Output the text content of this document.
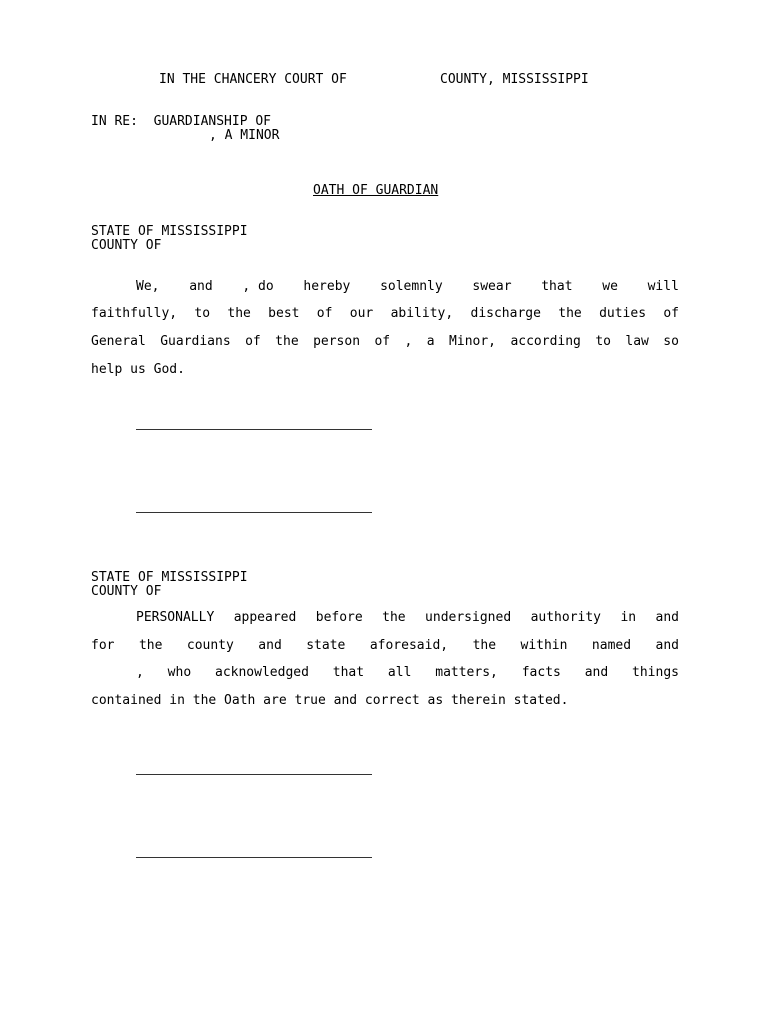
IN THE CHANCERY COURT OF	COUNTY, MISSISSIPPI
IN RE:  GUARDIANSHIP OF
, A MINOR
OATH OF GUARDIAN
STATE OF MISSISSIPPI
COUNTY OF
We, and , do hereby solemnly swear that we will
faithfully, to the best of our ability, discharge the duties of
General Guardians of the person of , a Minor, according to law so
help us God.
STATE OF MISSISSIPPI
COUNTY OF
PERSONALLY appeared before the undersigned authority in and
for the county and state aforesaid, the within named and
, who acknowledged that all matters, facts and things
contained in the Oath are true and correct as therein stated.
